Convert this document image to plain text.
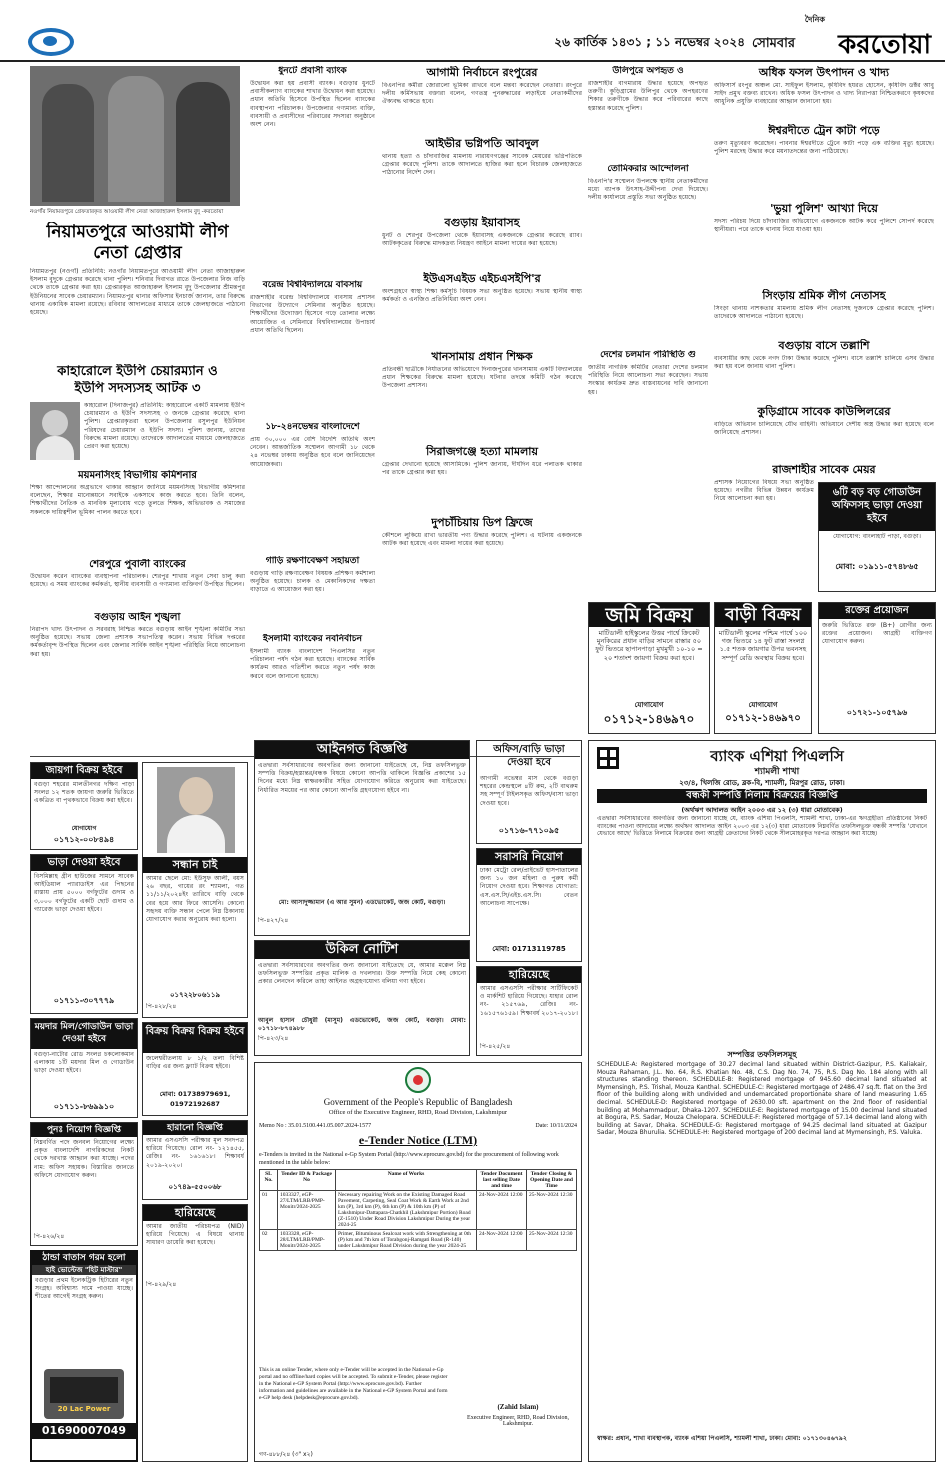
২৬ কার্তিক ১৪৩১ ; ১১ নভেম্বর ২০২৪ সোমবার
দৈনিক
করতোয়া
নওগাঁর নিয়ামতপুরে গ্রেফতারকৃত আওয়ামী লীগ নেতা আজাহারুল ইসলাম বুদু -করতোয়া
নিয়ামতপুরে আওয়ামী লীগ
নেতা গ্রেপ্তার
নিয়ামতপুর (নওগাঁ) প্রতিনিধি: নওগাঁর নিয়ামতপুরে আওয়ামী লীগ নেতা আজাহারুল ইসলাম বুদুকে গ্রেপ্তার করেছে থানা পুলিশ। শনিবার দিবাগত রাতে উপজেলার নিজ বাড়ি থেকে তাকে গ্রেপ্তার করা হয়। গ্রেপ্তারকৃত আজাহারুল ইসলাম বুদু উপজেলার শ্রীমন্তপুর ইউনিয়নের সাবেক চেয়ারম্যান। নিয়ামতপুর থানার অফিসার ইনচার্জ জানান, তার বিরুদ্ধে থানায় একাধিক মামলা রয়েছে। রবিবার আদালতের মাধ্যমে তাকে জেলহাজতে পাঠানো হয়েছে।
কাহারোলে ইউপি চেয়ারম্যান ও
ইউপি সদস্যসহ আটক ৩
কাহারোল (দিনাজপুর) প্রতিনিধি: কাহারোলে একটি মামলায় ইউপি চেয়ারম্যান ও ইউপি সদস্যসহ ৩ জনকে গ্রেপ্তার করেছে থানা পুলিশ। গ্রেপ্তারকৃতরা হলেন উপজেলার রসুলপুর ইউনিয়ন পরিষদের চেয়ারম্যান ও ইউপি সদস্য। পুলিশ জানায়, তাদের বিরুদ্ধে মামলা রয়েছে। তাদেরকে আদালতের মাধ্যমে জেলহাজতে প্রেরণ করা হয়েছে।
ময়মনসিংহ বিভাগীয় কমিশনার
শিক্ষা আন্দোলনের অগ্রভাগে থাকার আহ্বান জানিয়ে ময়মনসিংহ বিভাগীয় কমিশনার বলেছেন, শিক্ষার মানোন্নয়নে সবাইকে একসাথে কাজ করতে হবে। তিনি বলেন, শিক্ষার্থীদের নৈতিক ও মানবিক মূল্যবোধ গড়ে তুলতে শিক্ষক, অভিভাবক ও সমাজের সকলকে দায়িত্বশীল ভূমিকা পালন করতে হবে।
শেরপুরে পুবালী ব্যাংকের
উদ্বোধন করেন ব্যাংকের ব্যবস্থাপনা পরিচালক। শেরপুর শাখায় নতুন সেবা চালু করা হয়েছে। এ সময় ব্যাংকের কর্মকর্তা, স্থানীয় ব্যবসায়ী ও গণ্যমান্য ব্যক্তিবর্গ উপস্থিত ছিলেন।
বগুড়ায় আইন শৃঙ্খলা
নিরাপদ খাদ্য উৎপাদন ও সরবরাহ নিশ্চিত করতে বগুড়ায় আইন শৃঙ্খলা কমিটির সভা অনুষ্ঠিত হয়েছে। সভায় জেলা প্রশাসক সভাপতিত্ব করেন। সভায় বিভিন্ন দপ্তরের কর্মকর্তাবৃন্দ উপস্থিত ছিলেন এবং জেলার সার্বিক আইন শৃঙ্খলা পরিস্থিতি নিয়ে আলোচনা করা হয়।
ধুনটে প্রবাসী ব্যাংক
উদ্বোধন করা হয় প্রবাসী ব্যাংক। বগুড়ার ধুনটে প্রবাসীকল্যাণ ব্যাংকের শাখার উদ্বোধন করা হয়েছে। প্রধান অতিথি হিসেবে উপস্থিত ছিলেন ব্যাংকের ব্যবস্থাপনা পরিচালক। উপজেলার গণ্যমান্য ব্যক্তি, ব্যবসায়ী ও প্রবাসীদের পরিবারের সদস্যরা অনুষ্ঠানে অংশ নেন।
বরেন্দ্র বিশ্ববিদ্যালয়ে বাবসায়
রাজশাহীর বরেন্দ্র বিশ্ববিদ্যালয়ে ব্যবসায় প্রশাসন বিভাগের উদ্যোগে সেমিনার অনুষ্ঠিত হয়েছে। শিক্ষার্থীদের উদ্যোক্তা হিসেবে গড়ে তোলার লক্ষ্যে আয়োজিত এ সেমিনারে বিশ্ববিদ্যালয়ের উপাচার্য প্রধান অতিথি ছিলেন।
১৮-২৪নভেম্বর বাংলাদেশে
প্রায় ৩০,০০০ এর বেশি বিদেশি অতিথি অংশ নেবেন। আন্তর্জাতিক সম্মেলন আগামী ১৮ থেকে ২৪ নভেম্বর ঢাকায় অনুষ্ঠিত হবে বলে জানিয়েছেন আয়োজকরা।
গাড়ি রক্ষণাবেক্ষণ সহায়তা
বগুড়ায় গাড়ি রক্ষণাবেক্ষণ বিষয়ক প্রশিক্ষণ কর্মশালা অনুষ্ঠিত হয়েছে। চালক ও মেকানিকদের দক্ষতা বাড়াতে এ আয়োজন করা হয়।
ইসলামী ব্যাংকের নবনির্বাচন
ইসলামী ব্যাংক বাংলাদেশ পিএলসির নতুন পরিচালনা পর্ষদ গঠন করা হয়েছে। ব্যাংকের সার্বিক কার্যক্রম আরও গতিশীল করতে নতুন পর্ষদ কাজ করবে বলে জানানো হয়েছে।
আগামী নির্বাচনে রংপুরের
বিএনপির কর্মীরা জোরালো ভূমিকা রাখবে বলে মন্তব্য করেছেন নেতারা। রংপুরে দলীয় কর্মিসভায় বক্তারা বলেন, গণতন্ত্র পুনরুদ্ধারের লড়াইয়ে নেতাকর্মীদের ঐক্যবদ্ধ থাকতে হবে।
আইভীর ভগ্নিপতি আবদুল
থানায় হত্যা ও চাঁদাবাজির মামলায় নারায়ণগঞ্জের সাবেক মেয়রের ভগ্নিপতিকে গ্রেপ্তার করেছে পুলিশ। তাকে আদালতে হাজির করা হলে বিচারক জেলহাজতে পাঠানোর নির্দেশ দেন।
বগুড়ায় ইয়াবাসহ
ধুনট ও শেরপুর উপজেলা থেকে ইয়াবাসহ একজনকে গ্রেপ্তার করেছে র‍্যাব। আটককৃতের বিরুদ্ধে মাদকদ্রব্য নিয়ন্ত্রণ আইনে মামলা দায়ের করা হয়েছে।
ইউএসএইড এইচএসইপি'র
অংশগ্রহণে স্বাস্থ্য শিক্ষা কর্মসূচি বিষয়ক সভা অনুষ্ঠিত হয়েছে। সভায় স্থানীয় স্বাস্থ্য কর্মকর্তা ও এনজিও প্রতিনিধিরা অংশ নেন।
খানসামায় প্রধান শিক্ষক
প্রতিবন্ধী ছাত্রীকে নির্যাতনের অভিযোগে দিনাজপুরের খানসামায় একটি বিদ্যালয়ের প্রধান শিক্ষকের বিরুদ্ধে মামলা হয়েছে। ঘটনার তদন্তে কমিটি গঠন করেছে উপজেলা প্রশাসন।
সিরাজগঞ্জে হত্যা মামলায়
গ্রেপ্তার দেখানো হয়েছে আসামিকে। পুলিশ জানায়, দীর্ঘদিন ধরে পলাতক থাকার পর তাকে গ্রেপ্তার করা হয়।
দুপচাঁচিয়ায় ডিপ ফ্রিজে
কৌশলে লুকিয়ে রাখা ভারতীয় পণ্য উদ্ধার করেছে পুলিশ। এ ঘটনায় একজনকে আটক করা হয়েছে এবং মামলা দায়ের করা হয়েছে।
উলিপুরে অপহৃত ও
রাজশাহীর বাগমারায় উদ্ধার হয়েছে অপহৃত তরুণী। কুড়িগ্রামের উলিপুর থেকে অপহরণের শিকার তরুণীকে উদ্ধার করে পরিবারের কাছে হস্তান্তর করেছে পুলিশ।
তোমিকরার আন্দোলনা
বিএনপি'র সম্মেলন উপলক্ষে স্থানীয় নেতাকর্মীদের মধ্যে ব্যাপক উৎসাহ-উদ্দীপনা দেখা দিয়েছে। দলীয় কার্যালয়ে প্রস্তুতি সভা অনুষ্ঠিত হয়েছে।
দেশের চলমান পরিস্থিতি গু
জাতীয় নাগরিক কমিটির নেতারা দেশের চলমান পরিস্থিতি নিয়ে আলোচনা সভা করেছেন। সভায় সংস্কার কার্যক্রম দ্রুত বাস্তবায়নের দাবি জানানো হয়।
অধিক ফসল উৎপাদন ও খাদ্য
অফিসার্স রংপুর অঞ্চল মো. সাইফুল ইসলাম, কৃষিবিদ হযরত হোসেন, কৃষিবিদ ডক্টর আবু সাইদ প্রমুখ বক্তব্য রাখেন। অধিক ফসল উৎপাদন ও খাদ্য নিরাপত্তা নিশ্চিতকরণে কৃষকদের আধুনিক প্রযুক্তি ব্যবহারের আহ্বান জানানো হয়।
ঈশ্বরদীতে ট্রেন কাটা পড়ে
তরুণ মৃত্যুবরণ করেছেন। পাবনার ঈশ্বরদীতে ট্রেনে কাটা পড়ে এক ব্যক্তির মৃত্যু হয়েছে। পুলিশ মরদেহ উদ্ধার করে ময়নাতদন্তের জন্য পাঠিয়েছে।
'ভুয়া পুলিশ' আখ্যা দিয়ে
সদস্য পরিচয় দিয়ে চাঁদাবাজির অভিযোগে একজনকে আটক করে পুলিশে সোপর্দ করেছে স্থানীয়রা। পরে তাকে থানায় নিয়ে যাওয়া হয়।
সিংড়ায় শ্রমিক লীগ নেতাসহ
সিংড়া থানায় নাশকতার মামলায় শ্রমিক লীগ নেতাসহ দুজনকে গ্রেপ্তার করেছে পুলিশ। তাদেরকে আদালতে পাঠানো হয়েছে।
বগুড়ায় বাসে তল্লাশি
ব্যবসায়ীর কাছ থেকে নগদ টাকা উদ্ধার করেছে পুলিশ। বাসে তল্লাশি চালিয়ে এসব উদ্ধার করা হয় বলে জানায় থানা পুলিশ।
কুড়িগ্রামে সাবেক কাউন্সিলরের
বাড়িতে অভিযান চালিয়েছে যৌথ বাহিনী। অভিযানে দেশীয় অস্ত্র উদ্ধার করা হয়েছে বলে জানিয়েছে প্রশাসন।
রাজশাহীর সাবেক মেয়র
প্রশাসক নিয়োগের বিষয়ে সভা অনুষ্ঠিত হয়েছে। নগরীর বিভিন্ন উন্নয়ন কার্যক্রম নিয়ে আলোচনা করা হয়।
৬টি বড় বড় গোডাউন অফিসসহ ভাড়া দেওয়া হইবে
যোগাযোগ: বাংলাহাট পাড়া, বগুড়া।
মোবা: ০১৯১১-৫৭৪৮৬৫
জমি বিক্রয়
মাটিডালী হাইস্কুলের উত্তর পার্শ্বে ক্রিকেট মুনকিরের প্রধান বাড়ির সামনে রাস্তার ৫০ ফুট ভিতরে ছাপানপাড়া মুখমুখী ১০-১০ = ২০ শতাংশ জায়গা বিক্রয় করা হবে।
যোগাযোগ
০১৭১২-১৪৬৯৭০
বাড়ী বিক্রয়
মাটিডালী স্কুলের পশ্চিম পার্শ্বে ১০০ গজ ভিতরে ১৪ ফুট রাস্তা সংলগ্ন ১.৫ শতক জায়গার উপর ভবনসহ সম্পূর্ণ রেডি অবস্থায় বিক্রয় হবে।
যোগাযোগ
০১৭১২-১৪৬৯৭০
রক্তের প্রয়োজন
জরুরি ভিত্তিতে রক্ত (B+) রোগীর জন্য রক্তের প্রয়োজন। আগ্রহী ব্যক্তিগণ যোগাযোগ করুন।
০১৭২১-১০৫৭৯৬
ব্যাংক এশিয়া পিএলসি
শ্যামলী শাখা
২৩/৪, খিলজি রোড, ব্লক-বি, শ্যামলী, মিরপুর রোড, ঢাকা।
বন্ধকী সম্পত্তি নিলাম বিক্রয়ের বিজ্ঞপ্তি
(অর্থঋণ আদালত আইন ২০০৩ এর ১২ (৩) ধারা মোতাবেক)
এতদ্বারা সর্বসাধারণের অবগতির জন্য জানানো যাচ্ছে যে, ব্যাংক এশিয়া পিএলসি, শ্যামলী শাখা, ঢাকা-এর ঋণগ্রহীতা প্রতিষ্ঠানের নিকট ব্যাংকের পাওনা আদায়ের লক্ষ্যে অর্থঋণ আদালত আইন ২০০৩ এর ১২(৩) ধারা মোতাবেক নিম্নবর্ণিত তফসিলভুক্ত বন্ধকী সম্পত্তি 'যেখানে যেভাবে আছে' ভিত্তিতে নিলামে বিক্রয়ের জন্য আগ্রহী ক্রেতাদের নিকট থেকে সীলমোহরকৃত দরপত্র আহ্বান করা যাচ্ছে।
সম্পত্তির তফসিলসমূহ
SCHEDULE-A: Registered mortgage of 30.27 decimal land situated within District-Gazipur, P.S. Kaliakair, Mouza Rahaman, J.L. No. 64, R.S. Khatian No. 48, C.S. Dag No. 74, 75, R.S. Dag No. 184 along with all structures standing thereon. SCHEDULE-B: Registered mortgage of 945.60 decimal land situated at Mymensingh, P.S. Trishal, Mouza Kanthal. SCHEDULE-C: Registered mortgage of 2486.47 sq.ft. flat on the 3rd floor of the building along with undivided and undemarcated proportionate share of land measuring 1.65 decimal. SCHEDULE-D: Registered mortgage of 2630.00 sft. apartment on the 2nd floor of residential building at Mohammadpur, Dhaka-1207. SCHEDULE-E: Registered mortgage of 15.00 decimal land situated at Bogura, P.S. Sadar, Mouza Chelopara. SCHEDULE-F: Registered mortgage of 57.14 decimal land along with building at Savar, Dhaka. SCHEDULE-G: Registered mortgage of 94.25 decimal land situated at Gazipur Sadar, Mouza Bhurulia. SCHEDULE-H: Registered mortgage of 200 decimal land at Mymensingh, P.S. Valuka.
স্বাক্ষর: প্রধান, শাখা ব্যবস্থাপক, ব্যাংক এশিয়া পিএলসি, শ্যামলী শাখা, ঢাকা। মোবা: ০১৭১৩০৪৬৭৯২
আইনগত বিজ্ঞপ্তি
এতদ্বারা সর্বসাধারণের অবগতির জন্য জানানো যাইতেছে যে, নিম্ন তফসিলভুক্ত সম্পত্তি বিক্রয়/হস্তান্তর/বন্ধক বিষয়ে কোনো আপত্তি থাকিলে বিজ্ঞপ্তি প্রকাশের ১৫ দিনের মধ্যে নিম্ন স্বাক্ষরকারীর সহিত যোগাযোগ করিতে অনুরোধ করা যাইতেছে। নির্ধারিত সময়ের পর আর কোনো আপত্তি গ্রহণযোগ্য হইবে না।
মো: আসাদুজ্জামান (এ আর সুমন) এডভোকেট, জজ কোর্ট, বগুড়া।
পি-৪২৭/২৪
অফিস/বাড়ি ভাড়া দেওয়া হবে
আগামী নভেম্বর মাস থেকে বগুড়া শহরের কেন্দ্রস্থলে ৪টি রুম, ২টি বাথরুম সহ সম্পূর্ণ টাইলসকৃত অফিস/বাসা ভাড়া দেওয়া হবে।
০১৭১৬-৭৭১০৯৫
সরাসরি নিয়োগ
ঢাকা মেট্রো রেল/প্রাইভেট হাসপাতালের জন্য ১০ জন মহিলা ও পুরুষ কর্মী নিয়োগ দেওয়া হবে। শিক্ষাগত যোগ্যতা: এস.এস.সি/এইচ.এস.সি। বেতন আলোচনা সাপেক্ষে।
মোবা: 01713119785
হারিয়েছে
আমার এসএসসি পরীক্ষার সার্টিফিকেট ও মার্কশিট হারিয়ে গিয়েছে। যাহার রোল নং- ২১৫৭৬৯, রেজিঃ নং- ১৬১৫৭৬১৫৯। শিক্ষাবর্ষ ২০১৭-২০১৮।
পি-৪২৫/২৪
উকিল নোটিশ
এতদ্বারা সর্বসাধারণের অবগতির জন্য জানানো যাইতেছে যে, আমার মক্কেল নিম্ন তফসিলভুক্ত সম্পত্তির প্রকৃত মালিক ও দখলদার। উক্ত সম্পত্তি নিয়ে কেহ কোনো প্রকার লেনদেন করিলে তাহা আইনত অগ্রহণযোগ্য বলিয়া গণ্য হইবে।
আবুল হাসান চৌধুরী (মাসুম) এডভোকেট, জজ কোর্ট, বগুড়া। মোবা: ০১৭১৮-৮৭৪৯৮৮
পি-৪২৩/২৪
জায়গা বিক্রয় হইবে
বগুড়া শহরের মালতীনগর দক্ষিণ পাড়া সংলগ্ন ১২ শতক জায়গা জরুরি ভিত্তিতে একত্রিত বা পৃথকভাবে বিক্রয় করা হইবে।
যোগাযোগ
০১৭১২-০০৮৪৯৪
ভাড়া দেওয়া হইবে
বিসমিল্লাহ গ্রীন হাউজের সামনে সাবেক আইডিয়াল প্যারাডাইস এর পিছনের রাস্তায় প্রায় ৫০০০ বর্গফুটের গুদাম ও ৩,০০০ বর্গফুটের একটি ছোট গুদাম ও গ্যারেজ ভাড়া দেওয়া হইবে।
০১৭১১-৩০৭৭৭৯
সন্ধান চাই
আমার ছেলে মো: ইউসুফ আলী, বয়স ২৬ বছর, গায়ের রং শ্যামলা, গত ১১/১১/২০২৪ইং তারিখে বাড়ি থেকে বের হয়ে আর ফিরে আসেনি। কোনো সহৃদয় ব্যক্তি সন্ধান পেলে নিম্ন ঠিকানায় যোগাযোগ করার অনুরোধ করা হলো।
০১৭২২৮০৬১১৯
পি-৪২৮/২৪
ময়দার মিল/গোডাউন ভাড়া দেওয়া হইবে
বগুড়া-নাটোর রোড সংলগ্ন চকলোকমান এলাকায় ১টি ময়দার মিল ও গোডাউন ভাড়া দেওয়া হইবে।
০১৭১১-৮৬৯৯১০
বিক্রয় বিক্রয় বিক্রয় হইবে
জলেশ্বরীতলায় ৮ ১/২ তলা বিশিষ্ট বাড়ির এর জন্য ফ্ল্যাট বিক্রয় হইবে।
মোবা: 01738979691, 01972192687
পুনঃ নিয়োগ বিজ্ঞপ্তি
নিম্নবর্ণিত পদে জনবল নিয়োগের লক্ষ্যে প্রকৃত বাংলাদেশি নাগরিকদের নিকট থেকে দরখাস্ত আহ্বান করা যাচ্ছে। পদের নাম: অফিস সহায়ক। বিস্তারিত জানতে অফিসে যোগাযোগ করুন।
পি-৪২৬/২৪
হারানো বিজ্ঞপ্তি
আমার এসএসসি পরীক্ষার মূল সনদপত্র হারিয়ে গিয়েছে। রোল নং- ১২১৪৫৫, রেজিঃ নং- ১৬১৬১৮। শিক্ষাবর্ষ ২০১৯-২০২০।
০১৭৪৯-৫৫০০৬৮
হারিয়েছে
আমার জাতীয় পরিচয়পত্র (NID) হারিয়ে গিয়েছে। এ বিষয়ে থানায় সাধারণ ডায়েরি করা হয়েছে।
পি-৪২৯/২৪
ঠান্ডা বাতাস গরম হলো
হাই ভোল্টেজ "হিট মাস্টার"
বগুড়ার প্রথম ইলেকট্রিক হিটারের নতুন সংগ্রহ। অবিশ্বাস্য দামে পাওয়া যাচ্ছে। শীতের আগেই সংগ্রহ করুন।
20 Lac Power
01690007049
Government of the People's Republic of Bangladesh
Office of the Executive Engineer, RHD, Road Division, Lakshmipur
Memo No : 35.01.5100.441.05.007.2024-1577	Date: 10/11/2024
e-Tender Notice (LTM)
e-Tenders is invited in the National e-Gp System Portal (http://www.eprocure.gov.bd) for the procurement of following work mentioned in the table below:
SL No.	Tender ID & Package No	Name of Works	Tender Document last selling Date and time	Tender Closing & Opening Date and Time
01	1033327, eGP-27/LTM/LRB/PMP-Monitr/2024-2025	Necessary repairing Work on the Existing Damaged Road Pavement, Carpeting, Seal Coat Work & Earth Work at 2nd km (P), 3rd km (P), 6th km (P) & 10th km (P) of Lakshmipur-Dattapara-Chatkhil (Lakshmipur Portion) Road (Z-1510) Under Road Division Lakshmipur During the year 2024-25	24-Nov-2024 12:00	25-Nov-2024 12:30
02	1033328, eGP-28/LTM/LRB/PMP-Monitr/2024-2025	Primer, Bituminous Sealcoat work with Strengthening at 0th (P) km and 7th km of Torabgonj-Ramgati Road (R-140) under Lakshmipur Road Division during the year 2024-25	24-Nov-2024 12:00	25-Nov-2024 12:30
This is an online Tender, where only e-Tender will be accepted in the National e-Gp portal and no offline/hard copies will be accepted. To submit e-Tender, please register in the National e-GP System Portal (http://www.eprocure.gov.bd). Further information and guidelines are available in the National e-GP System Portal and form e-GP help desk (helpdesk@eprocure.gov.bd).
(Zahid Islam)
Executive Engineer, RHD, Road Division, Lakshmipur.
গণ-৪৮৮/২৪ (৩" x২)
